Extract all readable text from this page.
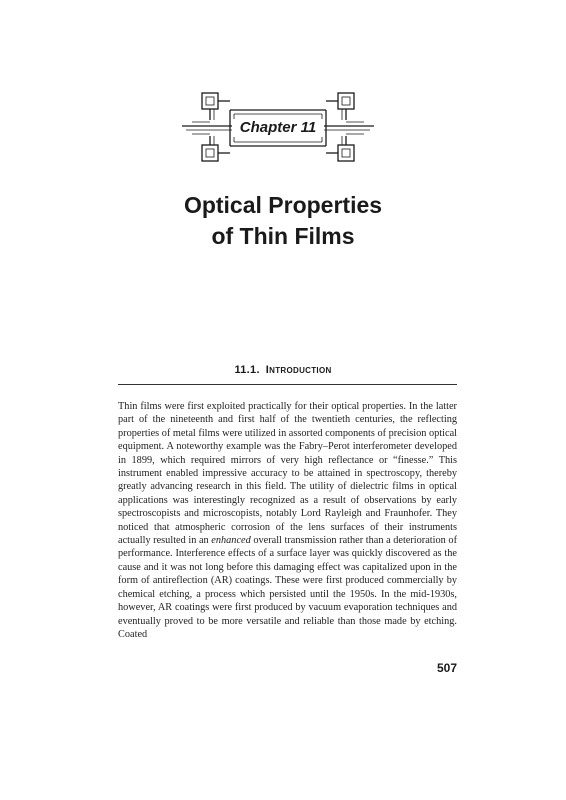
Chapter 11
Optical Properties
of Thin Films
11.1. Introduction
Thin films were first exploited practically for their optical properties. In the latter part of the nineteenth and first half of the twentieth centuries, the reflecting properties of metal films were utilized in assorted components of precision optical equipment. A noteworthy example was the Fabry–Perot interferometer developed in 1899, which required mirrors of very high reflectance or “finesse.” This instrument enabled impressive accuracy to be attained in spectroscopy, thereby greatly advancing research in this field. The utility of dielectric films in optical applications was interestingly recognized as a result of observations by early spectroscopists and microscopists, notably Lord Rayleigh and Fraunhofer. They noticed that atmospheric corrosion of the lens surfaces of their instruments actually resulted in an enhanced overall transmission rather than a deterioration of performance. Interference effects of a surface layer was quickly discovered as the cause and it was not long before this damaging effect was capitalized upon in the form of antireflection (AR) coatings. These were first produced commercially by chemical etching, a process which persisted until the 1950s. In the mid-1930s, however, AR coatings were first produced by vacuum evaporation techniques and eventually proved to be more versatile and reliable than those made by etching. Coated
507
